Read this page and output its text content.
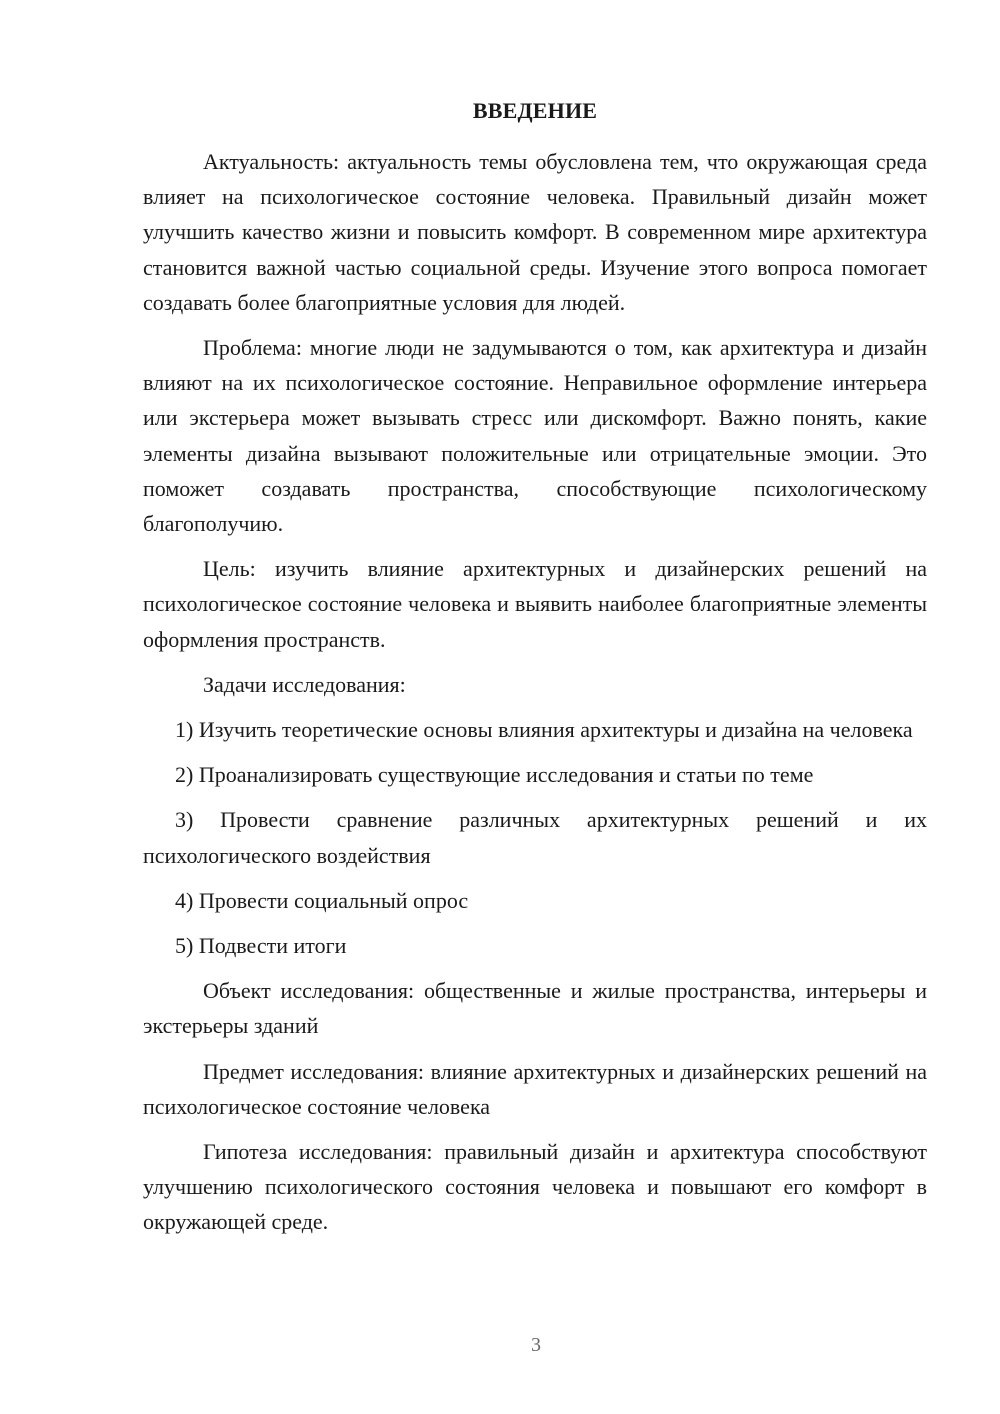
ВВЕДЕНИЕ

Актуальность: актуальность темы обусловлена тем, что окружающая среда влияет на психологическое состояние человека. Правильный дизайн может улучшить качество жизни и повысить комфорт. В современном мире архитектура становится важной частью социальной среды. Изучение этого вопроса помогает создавать более благоприятные условия для людей.

Проблема: многие люди не задумываются о том, как архитектура и дизайн влияют на их психологическое состояние. Неправильное оформление интерьера или экстерьера может вызывать стресс или дискомфорт. Важно понять, какие элементы дизайна вызывают положительные или отрицательные эмоции. Это поможет создавать пространства, способствующие психологическому благополучию.

Цель: изучить влияние архитектурных и дизайнерских решений на психологическое состояние человека и выявить наиболее благоприятные элементы оформления пространств.

Задачи исследования:

1) Изучить теоретические основы влияния архитектуры и дизайна на человека

2) Проанализировать существующие исследования и статьи по теме

3) Провести сравнение различных архитектурных решений и их психологического воздействия

4) Провести социальный опрос

5) Подвести итоги

Объект исследования: общественные и жилые пространства, интерьеры и экстерьеры зданий

Предмет исследования: влияние архитектурных и дизайнерских решений на психологическое состояние человека

Гипотеза исследования: правильный дизайн и архитектура способствуют улучшению психологического состояния человека и повышают его комфорт в окружающей среде.

3
